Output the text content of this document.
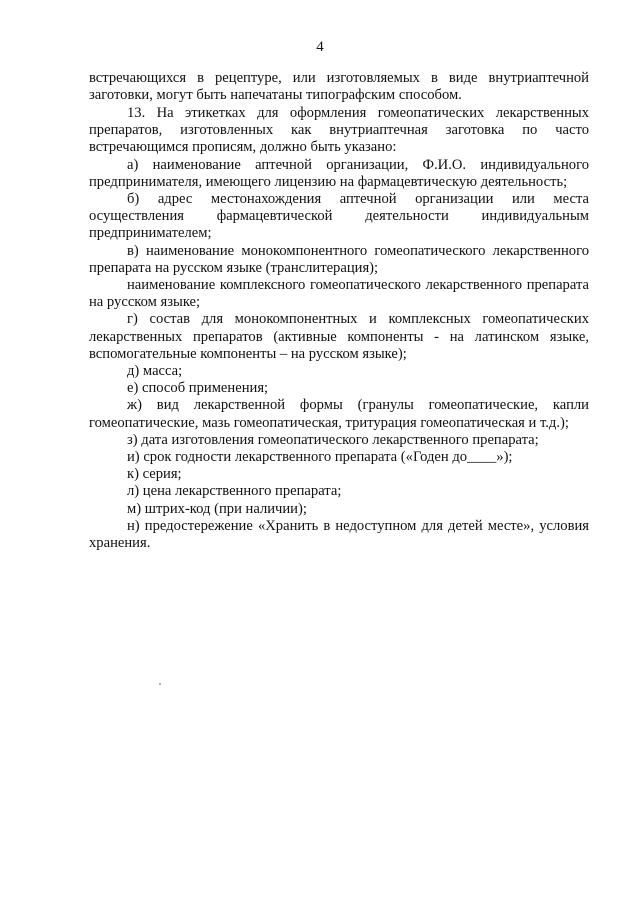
4

встречающихся в рецептуре, или изготовляемых в виде внутриаптечной заготовки, могут быть напечатаны типографским способом.

13. На этикетках для оформления гомеопатических лекарственных препаратов, изготовленных как внутриаптечная заготовка по часто встречающимся прописям, должно быть указано:

а) наименование аптечной организации, Ф.И.О. индивидуального предпринимателя, имеющего лицензию на фармацевтическую деятельность;

б) адрес местонахождения аптечной организации или места осуществления фармацевтической деятельности индивидуальным предпринимателем;

в) наименование монокомпонентного гомеопатического лекарственного препарата на русском языке (транслитерация);

наименование комплексного гомеопатического лекарственного препарата на русском языке;

г) состав для монокомпонентных и комплексных гомеопатических лекарственных препаратов (активные компоненты - на латинском языке, вспомогательные компоненты – на русском языке);

д) масса;

е) способ применения;

ж) вид лекарственной формы (гранулы гомеопатические, капли гомеопатические, мазь гомеопатическая, тритурация гомеопатическая и т.д.);

з) дата изготовления гомеопатического лекарственного препарата;

и) срок годности лекарственного препарата («Годен до____»);

к) серия;

л) цена лекарственного препарата;

м) штрих-код (при наличии);

н) предостережение «Хранить в недоступном для детей месте», условия хранения.
